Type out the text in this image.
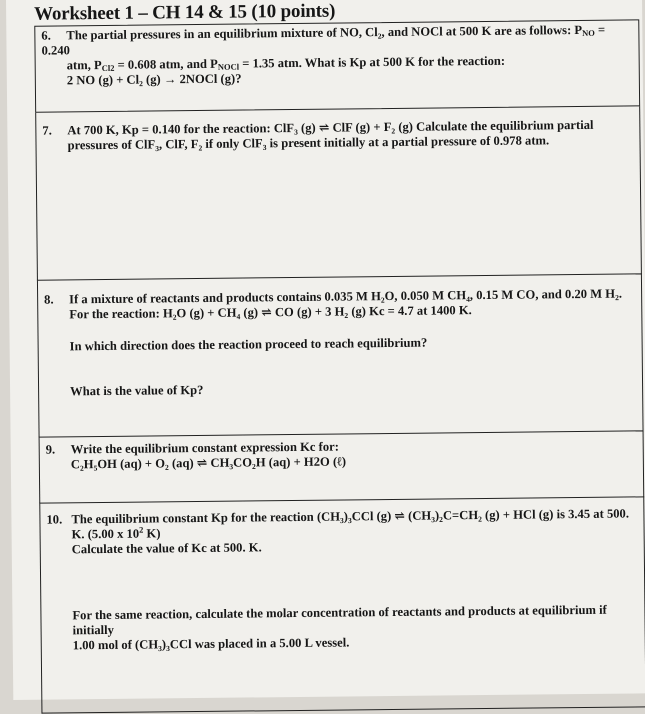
Worksheet 1 – CH 14 & 15 (10 points)
6. The partial pressures in an equilibrium mixture of NO, Cl₂, and NOCl at 500 K are as follows: $P_{NO} = 0.240$
atm, $P_{Cl2} = 0.608$ atm, and $P_{NOCl} = 1.35$ atm. What is Kp at 500 K for the reaction:
2 NO (g) + Cl₂ (g) → 2NOCl (g)?
7. At 700 K, Kp = 0.140 for the reaction: ClF₃ (g) ⇌ ClF (g) + F₂ (g) Calculate the equilibrium partial
pressures of ClF₃, ClF, F₂ if only ClF₃ is present initially at a partial pressure of 0.978 atm.
8. If a mixture of reactants and products contains 0.035 M H₂O, 0.050 M CH₄, 0.15 M CO, and 0.20 M H₂.
For the reaction: H₂O (g) + CH₄ (g) ⇌ CO (g) + 3 H₂ (g) Kc = 4.7 at 1400 K.
In which direction does the reaction proceed to reach equilibrium?
What is the value of Kp?
9. Write the equilibrium constant expression Kc for:
C₂H₅OH (aq) + O₂ (aq) ⇌ CH₃CO₂H (aq) + H2O (ℓ)
10. The equilibrium constant Kp for the reaction (CH₃)₃CCl (g) ⇌ (CH₃)₂C=CH₂ (g) + HCl (g) is 3.45 at 500.
K. (5.00 x $10^2$ K)
Calculate the value of Kc at 500. K.
For the same reaction, calculate the molar concentration of reactants and products at equilibrium if initially
1.00 mol of (CH₃)₃CCl was placed in a 5.00 L vessel.
